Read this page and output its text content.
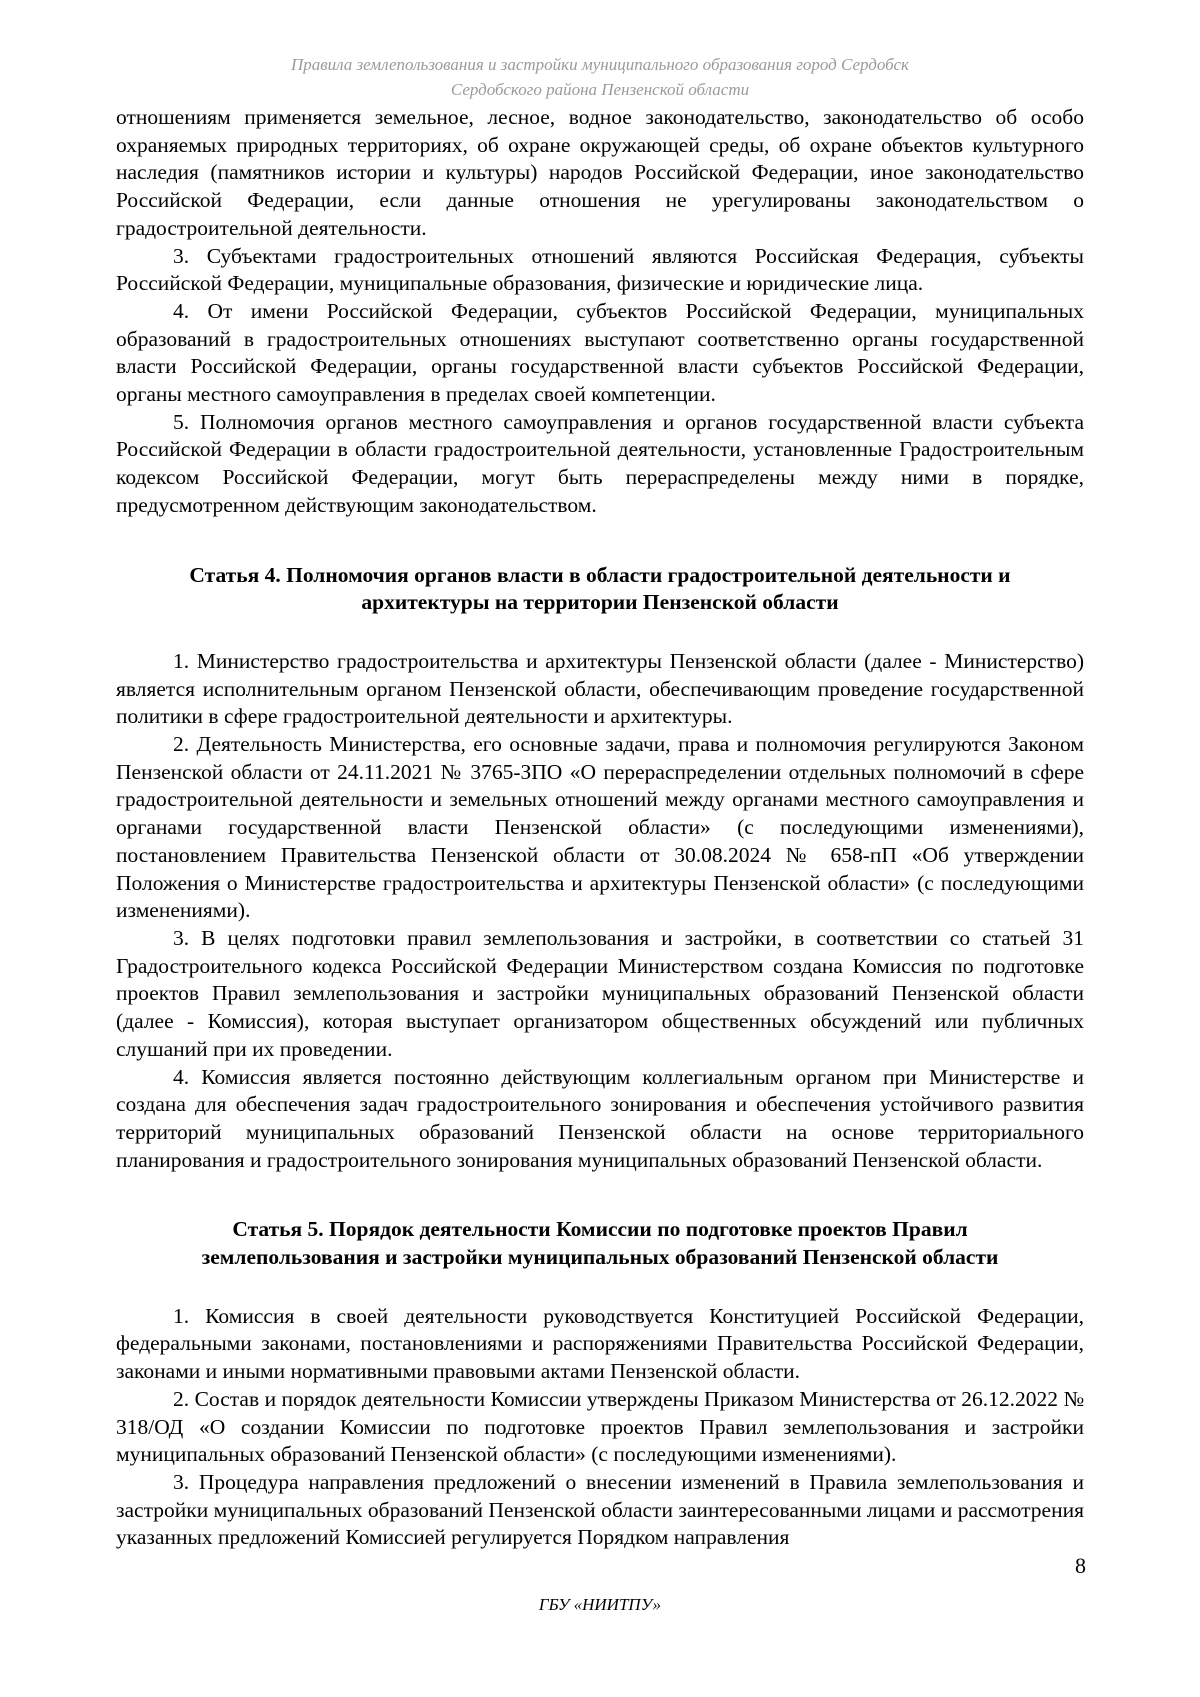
Правила землепользования и застройки муниципального образования город Сердобск
Сердобского района Пензенской области

отношениям применяется земельное, лесное, водное законодательство, законодательство об особо охраняемых природных территориях, об охране окружающей среды, об охране объектов культурного наследия (памятников истории и культуры) народов Российской Федерации, иное законодательство Российской Федерации, если данные отношения не урегулированы законодательством о градостроительной деятельности.

3. Субъектами градостроительных отношений являются Российская Федерация, субъекты Российской Федерации, муниципальные образования, физические и юридические лица.

4. От имени Российской Федерации, субъектов Российской Федерации, муниципальных образований в градостроительных отношениях выступают соответственно органы государственной власти Российской Федерации, органы государственной власти субъектов Российской Федерации, органы местного самоуправления в пределах своей компетенции.

5. Полномочия органов местного самоуправления и органов государственной власти субъекта Российской Федерации в области градостроительной деятельности, установленные Градостроительным кодексом Российской Федерации, могут быть перераспределены между ними в порядке, предусмотренном действующим законодательством.

Статья 4. Полномочия органов власти в области градостроительной деятельности и архитектуры на территории Пензенской области

1. Министерство градостроительства и архитектуры Пензенской области (далее - Министерство) является исполнительным органом Пензенской области, обеспечивающим проведение государственной политики в сфере градостроительной деятельности и архитектуры.

2. Деятельность Министерства, его основные задачи, права и полномочия регулируются Законом Пензенской области от 24.11.2021 № 3765-ЗПО «О перераспределении отдельных полномочий в сфере градостроительной деятельности и земельных отношений между органами местного самоуправления и органами государственной власти Пензенской области» (с последующими изменениями), постановлением Правительства Пензенской области от 30.08.2024 № 658-пП «Об утверждении Положения о Министерстве градостроительства и архитектуры Пензенской области» (с последующими изменениями).

3. В целях подготовки правил землепользования и застройки, в соответствии со статьей 31 Градостроительного кодекса Российской Федерации Министерством создана Комиссия по подготовке проектов Правил землепользования и застройки муниципальных образований Пензенской области (далее - Комиссия), которая выступает организатором общественных обсуждений или публичных слушаний при их проведении.

4. Комиссия является постоянно действующим коллегиальным органом при Министерстве и создана для обеспечения задач градостроительного зонирования и обеспечения устойчивого развития территорий муниципальных образований Пензенской области на основе территориального планирования и градостроительного зонирования муниципальных образований Пензенской области.

Статья 5. Порядок деятельности Комиссии по подготовке проектов Правил землепользования и застройки муниципальных образований Пензенской области

1. Комиссия в своей деятельности руководствуется Конституцией Российской Федерации, федеральными законами, постановлениями и распоряжениями Правительства Российской Федерации, законами и иными нормативными правовыми актами Пензенской области.

2. Состав и порядок деятельности Комиссии утверждены Приказом Министерства от 26.12.2022 № 318/ОД «О создании Комиссии по подготовке проектов Правил землепользования и застройки муниципальных образований Пензенской области» (с последующими изменениями).

3. Процедура направления предложений о внесении изменений в Правила землепользования и застройки муниципальных образований Пензенской области заинтересованными лицами и рассмотрения указанных предложений Комиссией регулируется Порядком направления

8
ГБУ «НИИТПУ»
